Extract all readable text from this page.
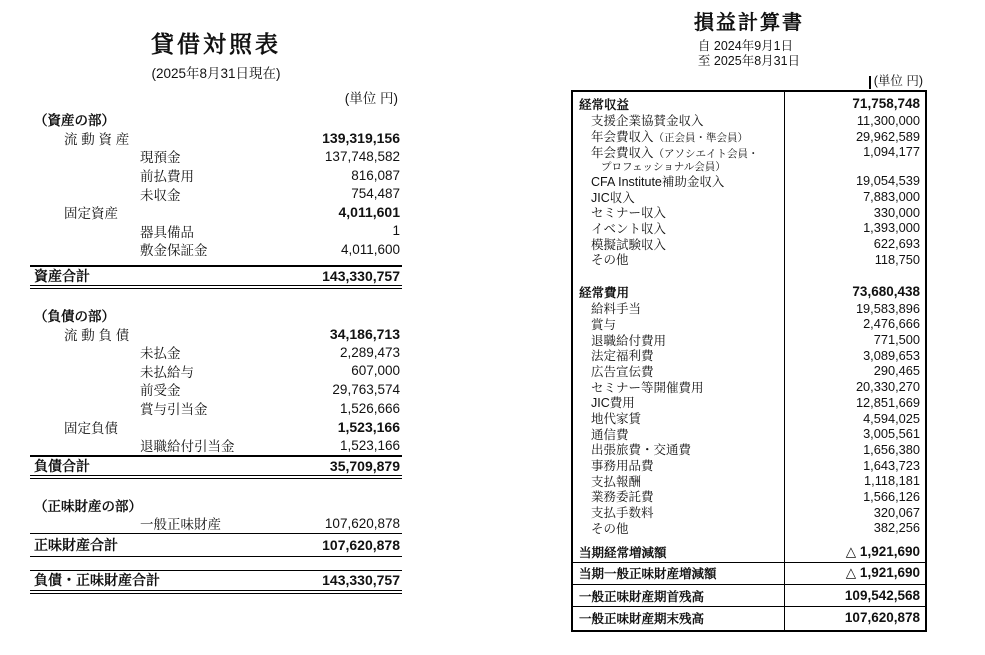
貸借対照表
(2025年8月31日現在)
(単位 円)
（資産の部）
流 動 資 産	139,319,156
現預金	137,748,582
前払費用	816,087
未収金	754,487
固定資産	4,011,601
器具備品	1
敷金保証金	4,011,600
資産合計	143,330,757
（負債の部）
流 動 負 債	34,186,713
未払金	2,289,473
未払給与	607,000
前受金	29,763,574
賞与引当金	1,526,666
固定負債	1,523,166
退職給付引当金	1,523,166
負債合計	35,709,879
（正味財産の部）
一般正味財産	107,620,878
正味財産合計	107,620,878
負債・正味財産合計	143,330,757
損益計算書
自 2024年9月1日
至 2025年8月31日
(単位 円)
経常収益	71,758,748
支援企業協賛金収入	11,300,000
年会費収入（正会員・準会員）	29,962,589
年会費収入（アソシエイト会員・	1,094,177
プロフェッショナル会員）
CFA Institute補助金収入	19,054,539
JIC収入	7,883,000
セミナー収入	330,000
イベント収入	1,393,000
模擬試験収入	622,693
その他	118,750
経常費用	73,680,438
給料手当	19,583,896
賞与	2,476,666
退職給付費用	771,500
法定福利費	3,089,653
広告宣伝費	290,465
セミナー等開催費用	20,330,270
JIC費用	12,851,669
地代家賃	4,594,025
通信費	3,005,561
出張旅費・交通費	1,656,380
事務用品費	1,643,723
支払報酬	1,118,181
業務委託費	1,566,126
支払手数料	320,067
その他	382,256
当期経常増減額	△ 1,921,690
当期一般正味財産増減額	△ 1,921,690
一般正味財産期首残高	109,542,568
一般正味財産期末残高	107,620,878
